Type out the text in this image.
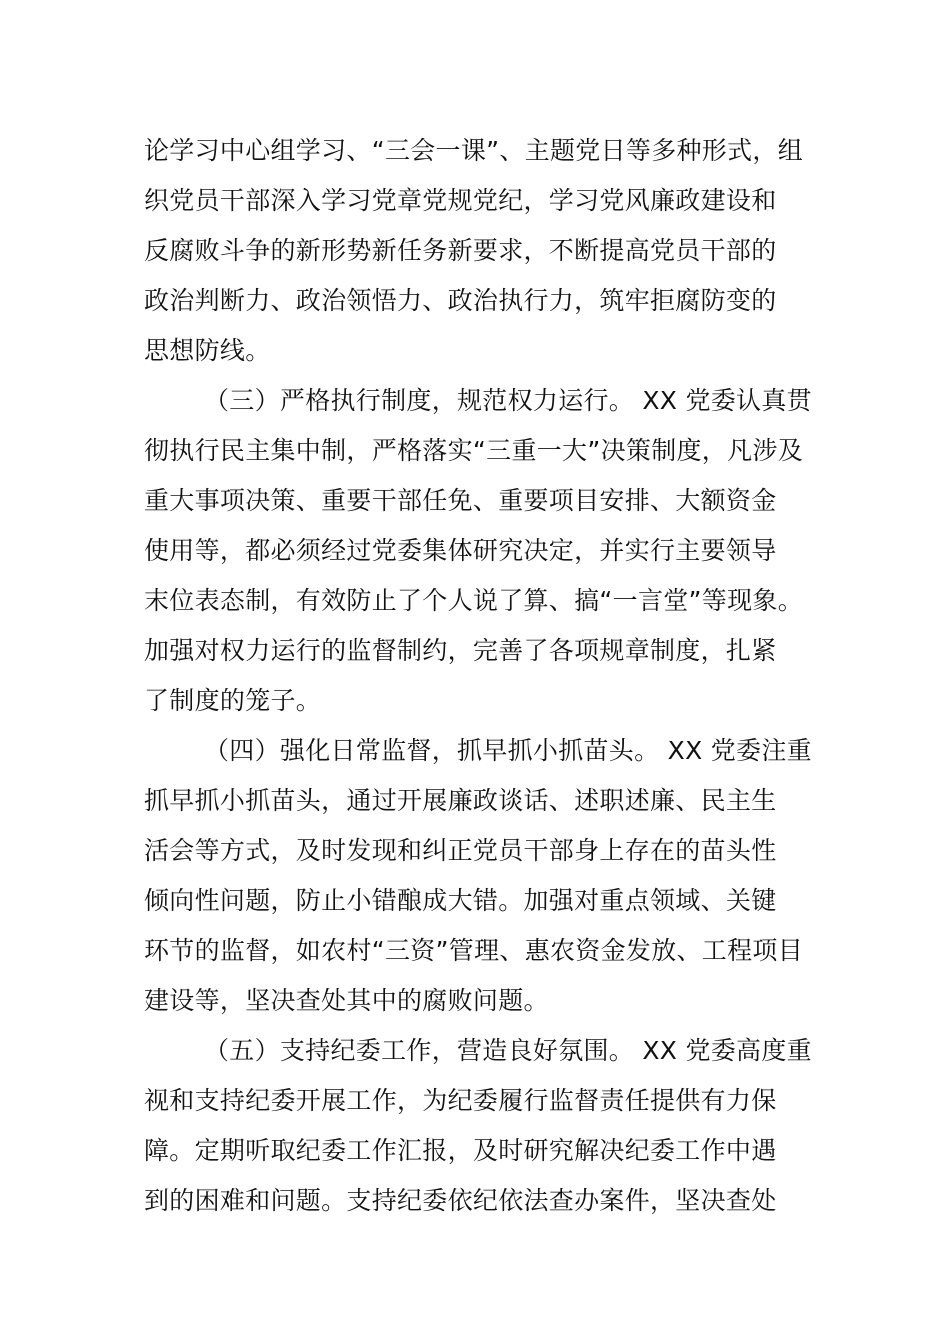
论学习中心组学习、“三会一课”、主题党日等多种形式，组
织党员干部深入学习党章党规党纪，学习党风廉政建设和
反腐败斗争的新形势新任务新要求，不断提高党员干部的
政治判断力、政治领悟力、政治执行力，筑牢拒腐防变的
思想防线。
（三）严格执行制度，规范权力运行。 XX 党委认真贯
彻执行民主集中制，严格落实“三重一大”决策制度，凡涉及
重大事项决策、重要干部任免、重要项目安排、大额资金
使用等，都必须经过党委集体研究决定，并实行主要领导
末位表态制，有效防止了个人说了算、搞“一言堂”等现象。
加强对权力运行的监督制约，完善了各项规章制度，扎紧
了制度的笼子。
（四）强化日常监督，抓早抓小抓苗头。 XX 党委注重
抓早抓小抓苗头，通过开展廉政谈话、述职述廉、民主生
活会等方式，及时发现和纠正党员干部身上存在的苗头性
倾向性问题，防止小错酿成大错。加强对重点领域、关键
环节的监督，如农村“三资”管理、惠农资金发放、工程项目
建设等，坚决查处其中的腐败问题。
（五）支持纪委工作，营造良好氛围。 XX 党委高度重
视和支持纪委开展工作，为纪委履行监督责任提供有力保
障。定期听取纪委工作汇报，及时研究解决纪委工作中遇
到的困难和问题。支持纪委依纪依法查办案件，坚决查处
